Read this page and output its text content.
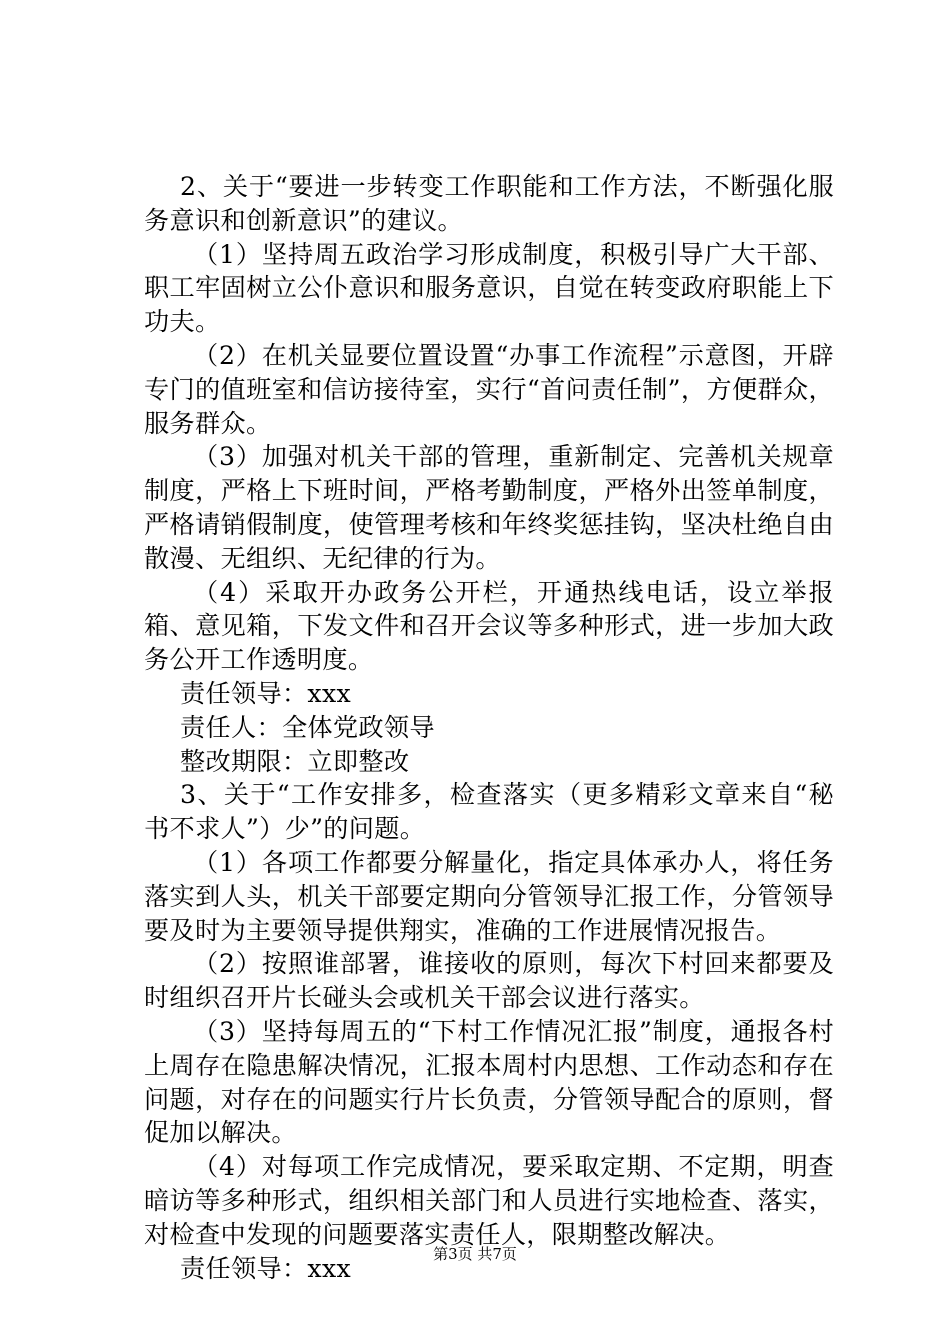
2、关于“要进一步转变工作职能和工作方法，不断强化服务意识和创新意识”的建议。

（1）坚持周五政治学习形成制度，积极引导广大干部、职工牢固树立公仆意识和服务意识，自觉在转变政府职能上下功夫。

（2）在机关显要位置设置“办事工作流程”示意图，开辟专门的值班室和信访接待室，实行“首问责任制”，方便群众，服务群众。

（3）加强对机关干部的管理，重新制定、完善机关规章制度，严格上下班时间，严格考勤制度，严格外出签单制度，严格请销假制度，使管理考核和年终奖惩挂钩，坚决杜绝自由散漫、无组织、无纪律的行为。

（4）采取开办政务公开栏，开通热线电话，设立举报箱、意见箱，下发文件和召开会议等多种形式，进一步加大政务公开工作透明度。

责任领导：xxx

责任人：全体党政领导

整改期限：立即整改

3、关于“工作安排多，检查落实（更多精彩文章来自“秘书不求人”）少”的问题。

（1）各项工作都要分解量化，指定具体承办人，将任务落实到人头，机关干部要定期向分管领导汇报工作，分管领导要及时为主要领导提供翔实，准确的工作进展情况报告。

（2）按照谁部署，谁接收的原则，每次下村回来都要及时组织召开片长碰头会或机关干部会议进行落实。

（3）坚持每周五的“下村工作情况汇报”制度，通报各村上周存在隐患解决情况，汇报本周村内思想、工作动态和存在问题，对存在的问题实行片长负责，分管领导配合的原则，督促加以解决。

（4）对每项工作完成情况，要采取定期、不定期，明查暗访等多种形式，组织相关部门和人员进行实地检查、落实，对检查中发现的问题要落实责任人，限期整改解决。

责任领导：xxx	第3页 共7页
